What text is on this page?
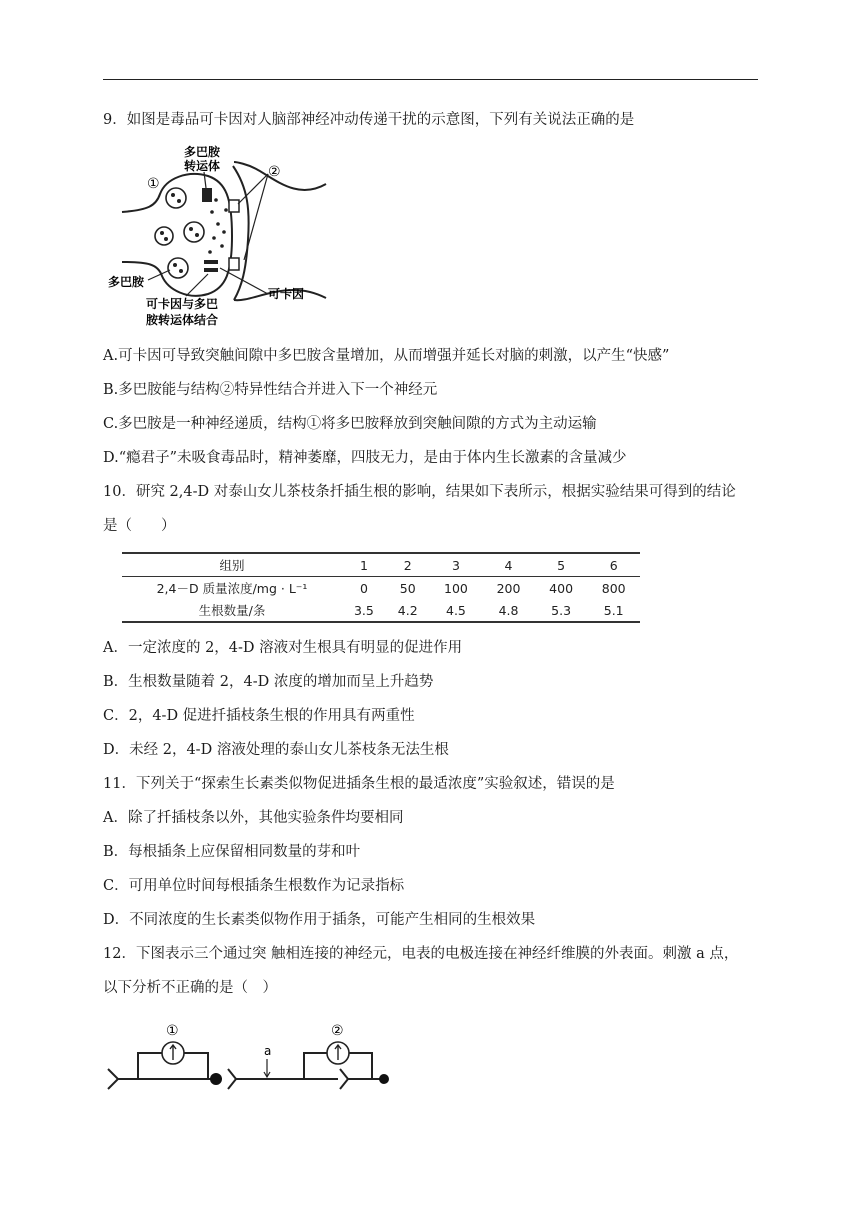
9．如图是毒品可卡因对人脑部神经冲动传递干扰的示意图，下列有关说法正确的是
①
②
多巴胺
转运体
多巴胺
可卡因
可卡因与多巴
胺转运体结合
A.可卡因可导致突触间隙中多巴胺含量增加，从而增强并延长对脑的刺激，以产生“快感”
B.多巴胺能与结构②特异性结合并进入下一个神经元
C.多巴胺是一种神经递质，结构①将多巴胺释放到突触间隙的方式为主动运输
D.“瘾君子”未吸食毒品时，精神萎靡，四肢无力，是由于体内生长激素的含量减少
10．研究 2,4-D 对泰山女儿茶枝条扦插生根的影响，结果如下表所示，根据实验结果可得到的结论
是（　　）
组别	1	2	3	4	5	6
2,4－D 质量浓度/mg · L⁻¹	0	50	100	200	400	800
生根数量/条	3.5	4.2	4.5	4.8	5.3	5.1
A．一定浓度的 2，4-D 溶液对生根具有明显的促进作用
B．生根数量随着 2，4-D 浓度的增加而呈上升趋势
C．2，4-D 促进扦插枝条生根的作用具有两重性
D．未经 2，4-D 溶液处理的泰山女儿茶枝条无法生根
11．下列关于“探索生长素类似物促进插条生根的最适浓度”实验叙述，错误的是
A．除了扦插枝条以外，其他实验条件均要相同
B．每根插条上应保留相同数量的芽和叶
C．可用单位时间每根插条生根数作为记录指标
D．不同浓度的生长素类似物作用于插条，可能产生相同的生根效果
12．下图表示三个通过突 触相连接的神经元，电表的电极连接在神经纤维膜的外表面。刺激 a 点，
以下分析不正确的是（　）
①	②
a
